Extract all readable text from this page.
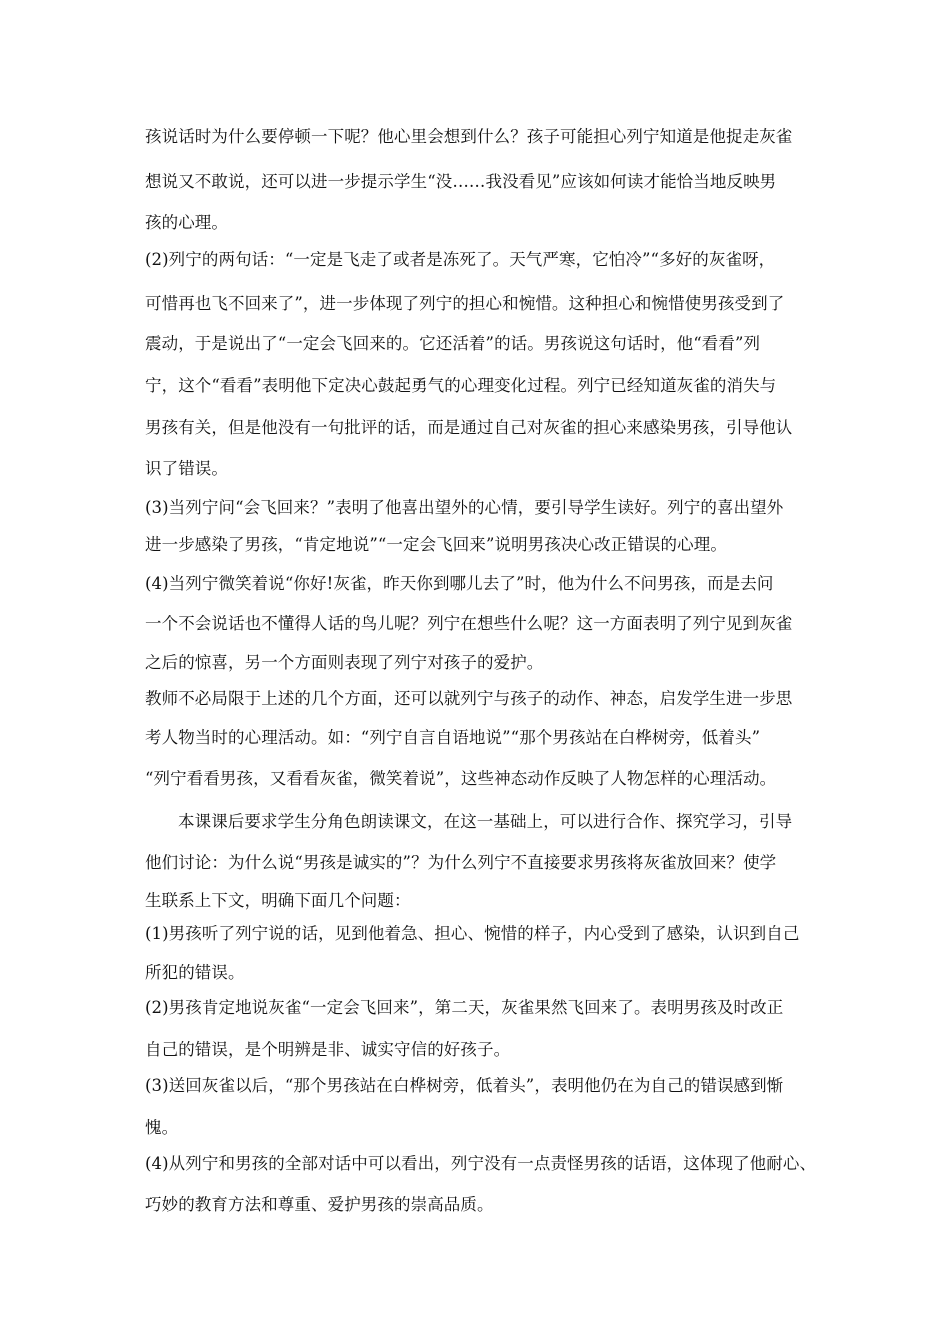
孩说话时为什么要停顿一下呢？他心里会想到什么？孩子可能担心列宁知道是他捉走灰雀
想说又不敢说，还可以进一步提示学生“没……我没看见”应该如何读才能恰当地反映男
孩的心理。
(2)列宁的两句话：“一定是飞走了或者是冻死了。天气严寒，它怕冷”“多好的灰雀呀，
可惜再也飞不回来了”，进一步体现了列宁的担心和惋惜。这种担心和惋惜使男孩受到了
震动，于是说出了“一定会飞回来的。它还活着”的话。男孩说这句话时，他“看看”列
宁，这个“看看”表明他下定决心鼓起勇气的心理变化过程。列宁已经知道灰雀的消失与
男孩有关，但是他没有一句批评的话，而是通过自己对灰雀的担心来感染男孩，引导他认
识了错误。
(3)当列宁问“会飞回来？”表明了他喜出望外的心情，要引导学生读好。列宁的喜出望外
进一步感染了男孩，“肯定地说”“一定会飞回来”说明男孩决心改正错误的心理。
(4)当列宁微笑着说“你好!灰雀，昨天你到哪儿去了”时，他为什么不问男孩，而是去问
一个不会说话也不懂得人话的鸟儿呢？列宁在想些什么呢？这一方面表明了列宁见到灰雀
之后的惊喜，另一个方面则表现了列宁对孩子的爱护。
教师不必局限于上述的几个方面，还可以就列宁与孩子的动作、神态，启发学生进一步思
考人物当时的心理活动。如：“列宁自言自语地说”“那个男孩站在白桦树旁，低着头”
“列宁看看男孩，又看看灰雀，微笑着说”，这些神态动作反映了人物怎样的心理活动。
本课课后要求学生分角色朗读课文，在这一基础上，可以进行合作、探究学习，引导
他们讨论：为什么说“男孩是诚实的”？为什么列宁不直接要求男孩将灰雀放回来？使学
生联系上下文，明确下面几个问题：
(1)男孩听了列宁说的话，见到他着急、担心、惋惜的样子，内心受到了感染，认识到自己
所犯的错误。
(2)男孩肯定地说灰雀“一定会飞回来”，第二天，灰雀果然飞回来了。表明男孩及时改正
自己的错误，是个明辨是非、诚实守信的好孩子。
(3)送回灰雀以后，“那个男孩站在白桦树旁，低着头”，表明他仍在为自己的错误感到惭
愧。
(4)从列宁和男孩的全部对话中可以看出，列宁没有一点责怪男孩的话语，这体现了他耐心、
巧妙的教育方法和尊重、爱护男孩的崇高品质。
